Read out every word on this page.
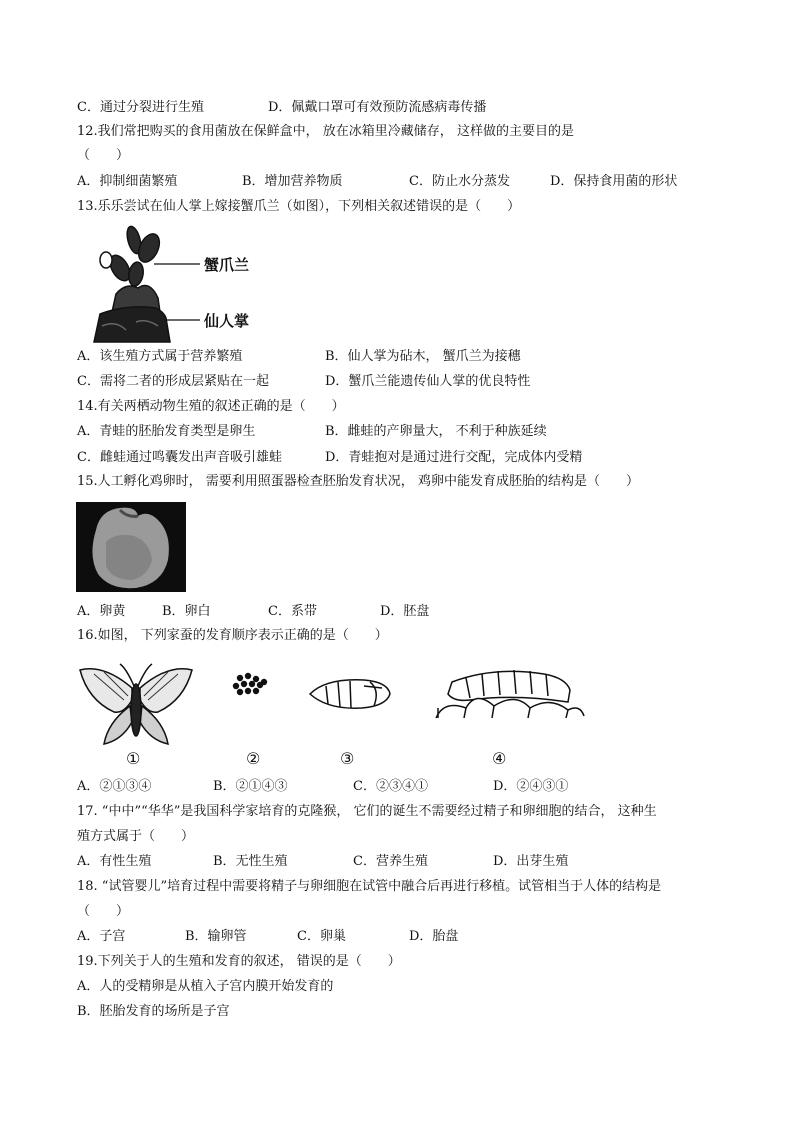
C．通过分裂进行生殖	D．佩戴口罩可有效预防流感病毒传播
12.我们常把购买的食用菌放在保鲜盒中， 放在冰箱里冷藏储存， 这样做的主要目的是
（　　）
A．抑制细菌繁殖	B．增加营养物质	C．防止水分蒸发	D．保持食用菌的形状
13.乐乐尝试在仙人掌上嫁接蟹爪兰（如图），下列相关叙述错误的是（　　）
蟹爪兰
仙人掌
A．该生殖方式属于营养繁殖	B．仙人掌为砧木， 蟹爪兰为接穗
C．需将二者的形成层紧贴在一起	D．蟹爪兰能遗传仙人掌的优良特性
14.有关两栖动物生殖的叙述正确的是（　　）
A．青蛙的胚胎发育类型是卵生	B．雌蛙的产卵量大， 不利于种族延续
C．雌蛙通过鸣囊发出声音吸引雄蛙	D．青蛙抱对是通过进行交配，完成体内受精
15.人工孵化鸡卵时， 需要利用照蛋器检查胚胎发育状况， 鸡卵中能发育成胚胎的结构是（　　）
A．卵黄	B．卵白	C．系带	D．胚盘
16.如图， 下列家蚕的发育顺序表示正确的是（　　）
①	②	③	④
A．②①③④	B．②①④③	C．②③④①	D．②④③①
17. “中中”“华华”是我国科学家培育的克隆猴， 它们的诞生不需要经过精子和卵细胞的结合， 这种生
殖方式属于（　　）
A．有性生殖	B．无性生殖	C．营养生殖	D．出芽生殖
18. “试管婴儿”培育过程中需要将精子与卵细胞在试管中融合后再进行移植。试管相当于人体的结构是
（　　）
A．子宫	B．输卵管	C．卵巢	D．胎盘
19.下列关于人的生殖和发育的叙述， 错误的是（　　）
A．人的受精卵是从植入子宫内膜开始发育的
B．胚胎发育的场所是子宫
